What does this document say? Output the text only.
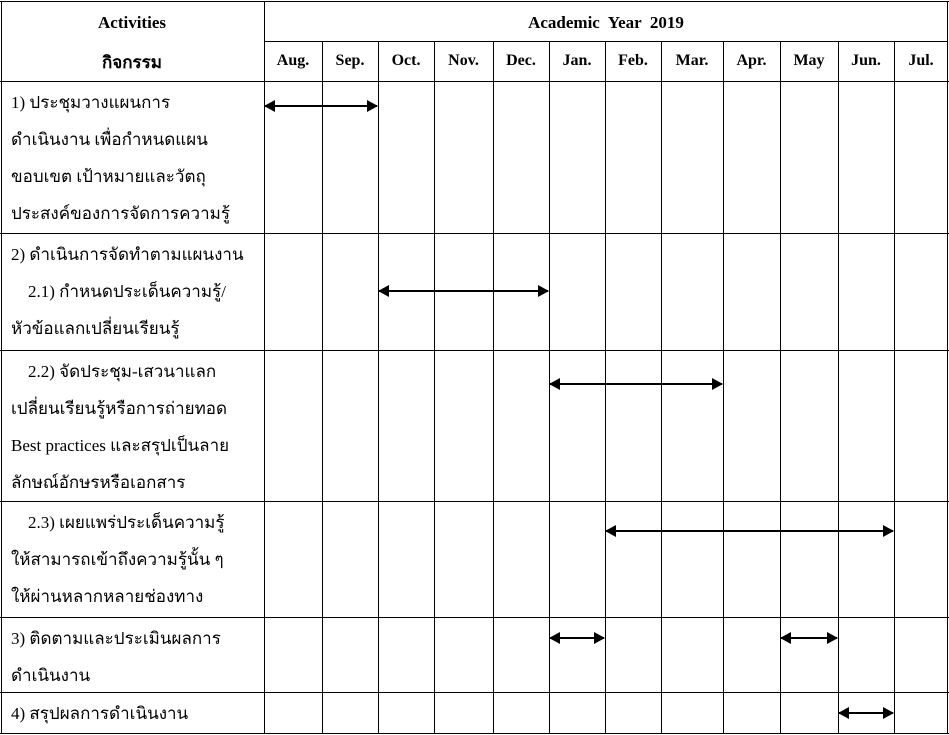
Activities
กิจกรรม
Academic  Year  2019
Aug.	Sep.	Oct.	Nov.	Dec.	Jan.	Feb.	Mar.	Apr.	May	Jun.	Jul.
1) ประชุมวางแผนการ
ดำเนินงาน เพื่อกำหนดแผน
ขอบเขต เป้าหมายและวัตถุ
ประสงค์ของการจัดการความรู้
2) ดำเนินการจัดทำตามแผนงาน
2.1) กำหนดประเด็นความรู้/
หัวข้อแลกเปลี่ยนเรียนรู้
2.2) จัดประชุม-เสวนาแลก
เปลี่ยนเรียนรู้หรือการถ่ายทอด
Best practices และสรุปเป็นลาย
ลักษณ์อักษรหรือเอกสาร
2.3) เผยแพร่ประเด็นความรู้
ให้สามารถเข้าถึงความรู้นั้น ๆ
ให้ผ่านหลากหลายช่องทาง
3) ติดตามและประเมินผลการ
ดำเนินงาน
4) สรุปผลการดำเนินงาน
